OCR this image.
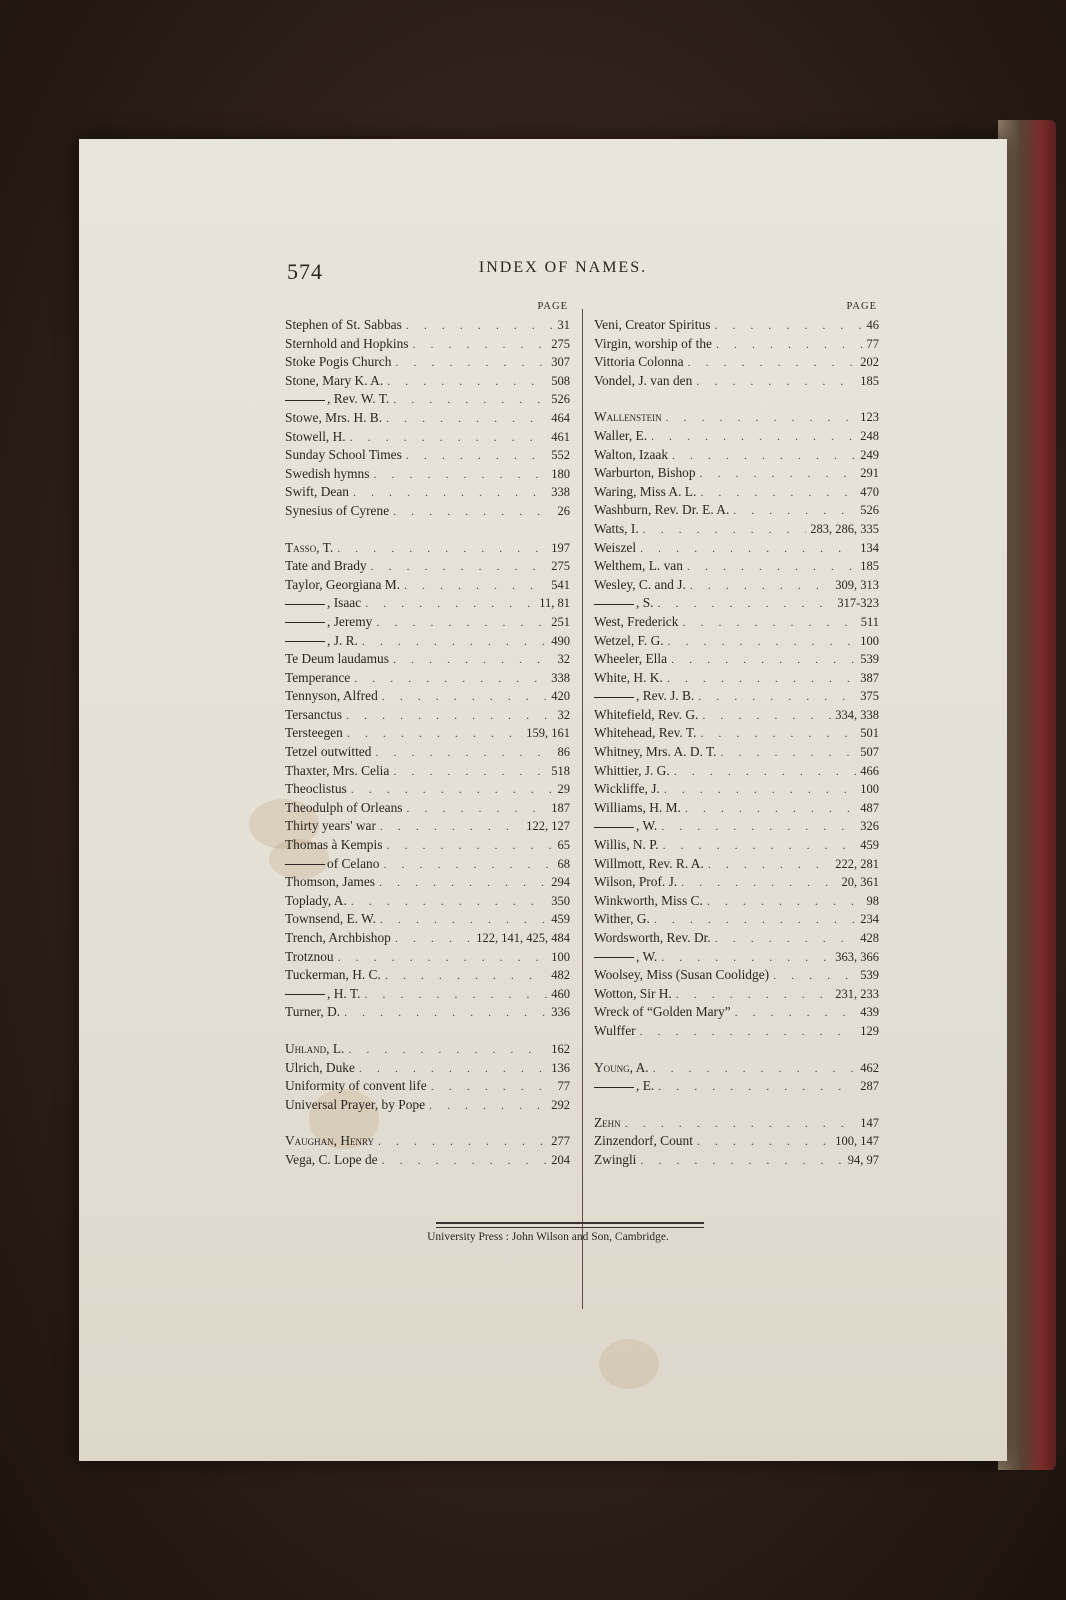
574	INDEX OF NAMES.
PAGE
Stephen of St. Sabbas . . .	31
Sternhold and Hopkins . . .	275
Stoke Pogis Church . . .	307
Stone, Mary K. A. . . .	508
, Rev. W. T. . . .	526
Stowe, Mrs. H. B. . . .	464
Stowell, H. . . .	461
Sunday School Times . . .	552
Swedish hymns . . .	180
Swift, Dean . . .	338
Synesius of Cyrene . . .	26
Tasso, T. . . .	197
Tate and Brady . . .	275
Taylor, Georgiana M. . . .	541
, Isaac . . .	11, 81
, Jeremy . . .	251
, J. R. . . .	490
Te Deum laudamus . . .	32
Temperance . . .	338
Tennyson, Alfred . . .	420
Tersanctus . . .	32
Tersteegen . . .	159, 161
Tetzel outwitted . . .	86
Thaxter, Mrs. Celia . . .	518
Theoclistus . . .	29
Theodulph of Orleans . . .	187
Thirty years' war . . .	122, 127
Thomas à Kempis . . .	65
of Celano . . .	68
Thomson, James . . .	294
Toplady, A. . . .	350
Townsend, E. W. . . .	459
Trench, Archbishop . . .	122, 141, 425, 484
Trotznou . . .	100
Tuckerman, H. C. . . .	482
, H. T. . . .	460
Turner, D. . . .	336
Uhland, L. . . .	162
Ulrich, Duke . . .	136
Uniformity of convent life . . .	77
Universal Prayer, by Pope . . .	292
Vaughan, Henry . . .	277
Vega, C. Lope de . . .	204
PAGE
Veni, Creator Spiritus . . .	46
Virgin, worship of the . . .	77
Vittoria Colonna . . .	202
Vondel, J. van den . . .	185
Wallenstein . . .	123
Waller, E. . . .	248
Walton, Izaak . . .	249
Warburton, Bishop . . .	291
Waring, Miss A. L. . . .	470
Washburn, Rev. Dr. E. A. . . .	526
Watts, I. . . .	283, 286, 335
Weiszel . . .	134
Welthem, L. van . . .	185
Wesley, C. and J. . . .	309, 313
, S. . . .	317-323
West, Frederick . . .	511
Wetzel, F. G. . . .	100
Wheeler, Ella . . .	539
White, H. K. . . .	387
, Rev. J. B. . . .	375
Whitefield, Rev. G. . . .	334, 338
Whitehead, Rev. T. . . .	501
Whitney, Mrs. A. D. T. . . .	507
Whittier, J. G. . . .	466
Wickliffe, J. . . .	100
Williams, H. M. . . .	487
, W. . . .	326
Willis, N. P. . . .	459
Willmott, Rev. R. A. . . .	222, 281
Wilson, Prof. J. . . .	20, 361
Winkworth, Miss C. . . .	98
Wither, G. . . .	234
Wordsworth, Rev. Dr. . . .	428
, W. . . .	363, 366
Woolsey, Miss (Susan Coolidge) . . .	539
Wotton, Sir H. . . .	231, 233
Wreck of “Golden Mary” . . .	439
Wulffer . . .	129
Young, A. . . .	462
, E. . . .	287
Zehn . . .	147
Zinzendorf, Count . . .	100, 147
Zwingli . . .	94, 97
University Press : John Wilson and Son, Cambridge.
